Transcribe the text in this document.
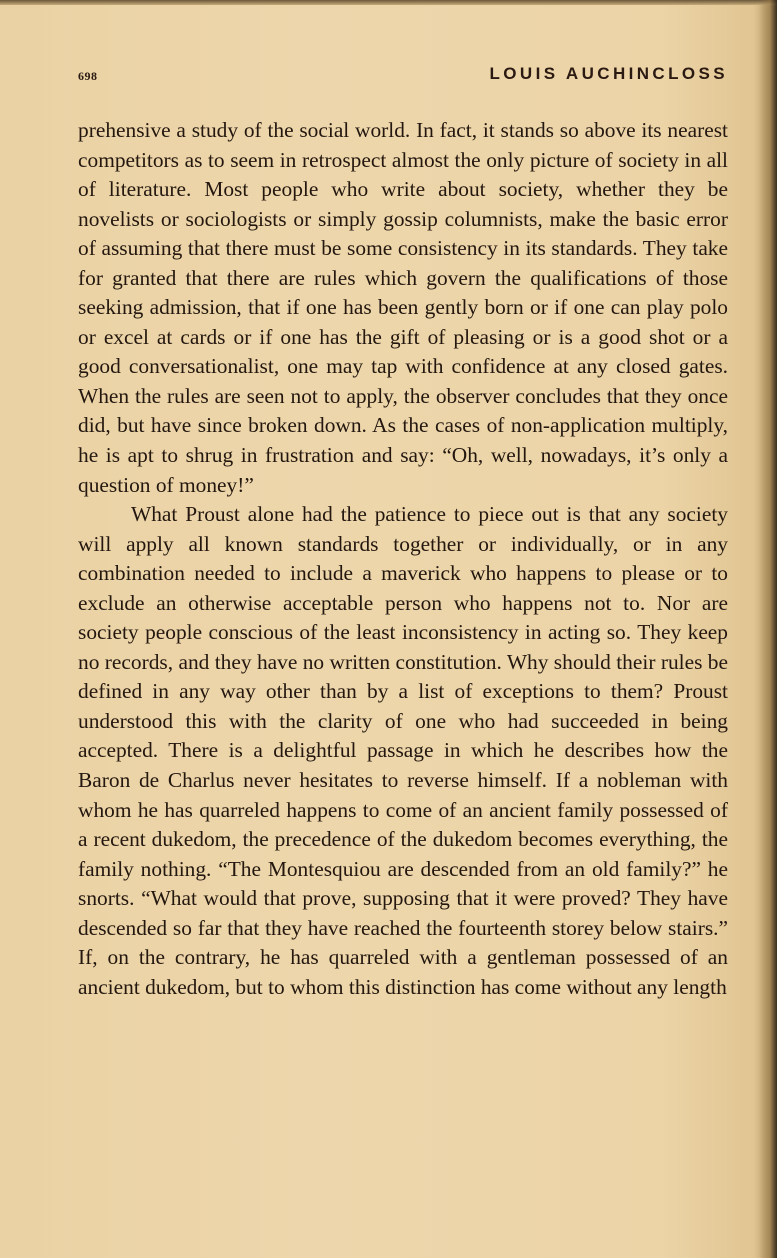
698	LOUIS AUCHINCLOSS

prehensive a study of the social world. In fact, it stands so above its nearest competitors as to seem in retrospect almost the only picture of society in all of literature. Most people who write about society, whether they be novelists or sociologists or simply gossip columnists, make the basic error of assuming that there must be some consistency in its standards. They take for granted that there are rules which govern the qualifications of those seeking admission, that if one has been gently born or if one can play polo or excel at cards or if one has the gift of pleasing or is a good shot or a good conversationalist, one may tap with confidence at any closed gates. When the rules are seen not to apply, the observer concludes that they once did, but have since broken down. As the cases of non-application multiply, he is apt to shrug in frustration and say: “Oh, well, nowadays, it’s only a question of money!”

What Proust alone had the patience to piece out is that any society will apply all known standards together or individually, or in any combination needed to include a maverick who happens to please or to exclude an otherwise acceptable person who happens not to. Nor are society people conscious of the least inconsistency in acting so. They keep no records, and they have no written constitution. Why should their rules be defined in any way other than by a list of exceptions to them? Proust understood this with the clarity of one who had succeeded in being accepted. There is a delightful passage in which he describes how the Baron de Charlus never hesitates to reverse himself. If a nobleman with whom he has quarreled happens to come of an ancient family possessed of a recent dukedom, the precedence of the dukedom becomes everything, the family nothing. “The Montesquiou are descended from an old family?” he snorts. “What would that prove, supposing that it were proved? They have descended so far that they have reached the fourteenth storey below stairs.” If, on the contrary, he has quarreled with a gentleman possessed of an ancient dukedom, but to whom this distinction has come without any length
